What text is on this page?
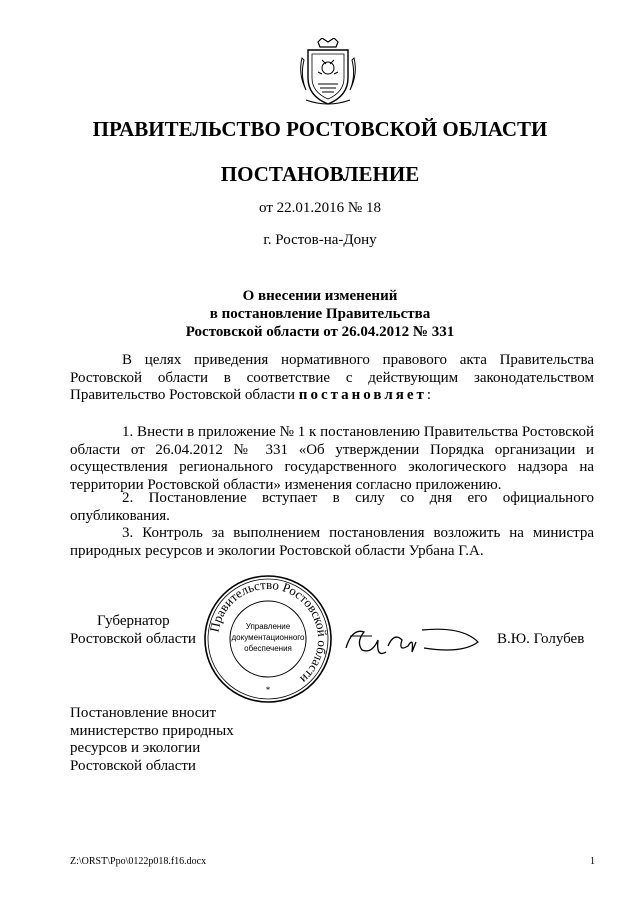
ПРАВИТЕЛЬСТВО РОСТОВСКОЙ ОБЛАСТИ
ПОСТАНОВЛЕНИЕ
от 22.01.2016 № 18
г. Ростов-на-Дону
О внесении изменений
в постановление Правительства
Ростовской области от 26.04.2012 № 331
В целях приведения нормативного правового акта Правительства Ростовской области в соответствие с действующим законодательством Правительство Ростовской области постановляет:
1. Внести в приложение № 1 к постановлению Правительства Ростовской области от 26.04.2012 № 331 «Об утверждении Порядка организации и осуществления регионального государственного экологического надзора на территории Ростовской области» изменения согласно приложению.
2. Постановление вступает в силу со дня его официального опубликования.
3. Контроль за выполнением постановления возложить на министра природных ресурсов и экологии Ростовской области Урбана Г.А.
Губернатор
Ростовской области
Правительство Ростовской области
Управление
документационного
обеспечения
*
В.Ю. Голубев
Постановление вносит
министерство природных
ресурсов и экологии
Ростовской области
Z:\ORST\Ppo\0122p018.f16.docx	1
